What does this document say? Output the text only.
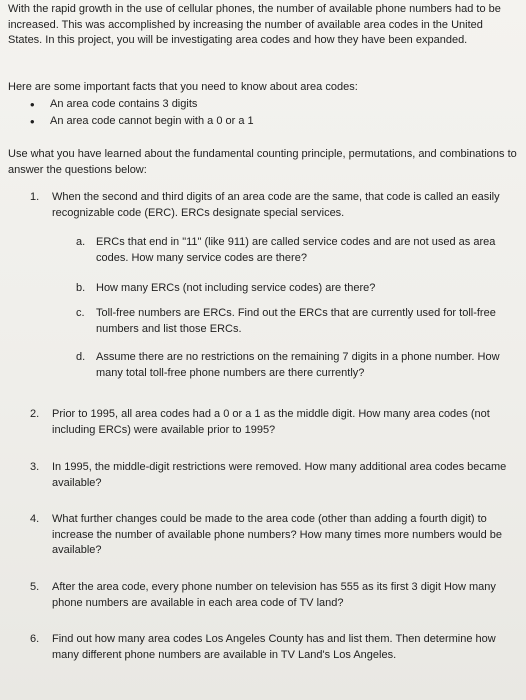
With the rapid growth in the use of cellular phones, the number of available phone numbers had to be increased. This was accomplished by increasing the number of available area codes in the United States. In this project, you will be investigating area codes and how they have been expanded.

Here are some important facts that you need to know about area codes:

• An area code contains 3 digits
• An area code cannot begin with a 0 or a 1

Use what you have learned about the fundamental counting principle, permutations, and combinations to answer the questions below:

1.	When the second and third digits of an area code are the same, that code is called an easily recognizable code (ERC). ERCs designate special services.
a. ERCs that end in "11" (like 911) are called service codes and are not used as area codes. How many service codes are there?
b. How many ERCs (not including service codes) are there?
c.	Toll-free numbers are ERCs. Find out the ERCs that are currently used for toll-free numbers and list those ERCs.
d. Assume there are no restrictions on the remaining 7 digits in a phone number. How many total toll-free phone numbers are there currently?
2.	Prior to 1995, all area codes had a 0 or a 1 as the middle digit. How many area codes (not including ERCs) were available prior to 1995?
3.	In 1995, the middle-digit restrictions were removed. How many additional area codes became available?
4.	What further changes could be made to the area code (other than adding a fourth digit) to increase the number of available phone numbers? How many times more numbers would be available?
5.	After the area code, every phone number on television has 555 as its first 3 digit How many phone numbers are available in each area code of TV land?
6.	Find out how many area codes Los Angeles County has and list them. Then determine how many different phone numbers are available in TV Land's Los Angeles.
